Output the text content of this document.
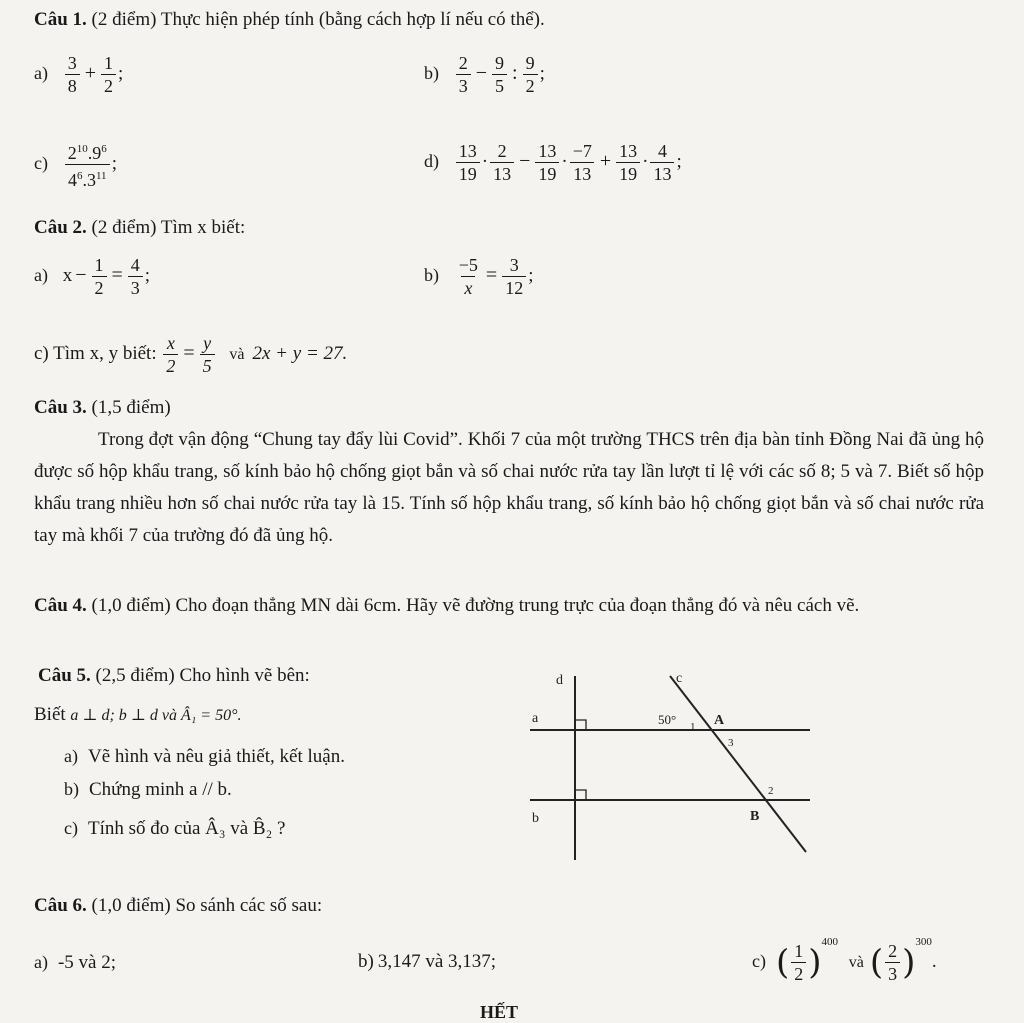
Câu 1. (2 điểm) Thực hiện phép tính (bằng cách hợp lí nếu có thể).
$a) \frac{3}{8} + \frac{1}{2}$ ;	$b) \frac{2}{3} - \frac{9}{5}$ : $\frac{9}{2}$ ;
$c) \frac{2^{10}.9^6}{4^6.3^{11}}$ ;	$d) \frac{13}{19} \cdot \frac{2}{13} - \frac{13}{19} \cdot \frac{-7}{13} + \frac{13}{19} \cdot \frac{4}{13}$ ;
Câu 2. (2 điểm) Tìm x biết:
a) $x - \frac{1}{2} = \frac{4}{3}$ ;	$b) \frac{-5}{x} = \frac{3}{12}$ ;
c) Tìm x, y biết: $\frac{x}{2} = \frac{y}{5}$ và 2x + y = 27.
Câu 3. (1,5 điểm)
Trong đợt vận động “Chung tay đẩy lùi Covid”. Khối 7 của một trường THCS trên địa bàn tỉnh Đồng Nai đã ủng hộ được số hộp khẩu trang, số kính bảo hộ chống giọt bắn và số chai nước rửa tay lần lượt tỉ lệ với các số 8; 5 và 7. Biết số hộp khẩu trang nhiều hơn số chai nước rửa tay là 15. Tính số hộp khẩu trang, số kính bảo hộ chống giọt bắn và số chai nước rửa tay mà khối 7 của trường đó đã ủng hộ.
Câu 4. (1,0 điểm) Cho đoạn thẳng MN dài 6cm. Hãy vẽ đường trung trực của đoạn thẳng đó và nêu cách vẽ.
Câu 5. (2,5 điểm) Cho hình vẽ bên:
Biết a ⊥ d; b ⊥ d và Â₁ = 50°.
a) Vẽ hình và nêu giả thiết, kết luận.
b) Chứng minh a // b.
c) Tính số đo của Â₃ và B̂₂ ?
d	c
a
b
50° 1 A
3
2
B
Câu 6. (1,0 điểm) So sánh các số sau:
a) -5 và 2;	b) 3,147 và 3,137;	c) ( $\frac{1}{2} )^{400}$ và ( $\frac{2}{3} )^{300}$.
HẾT
